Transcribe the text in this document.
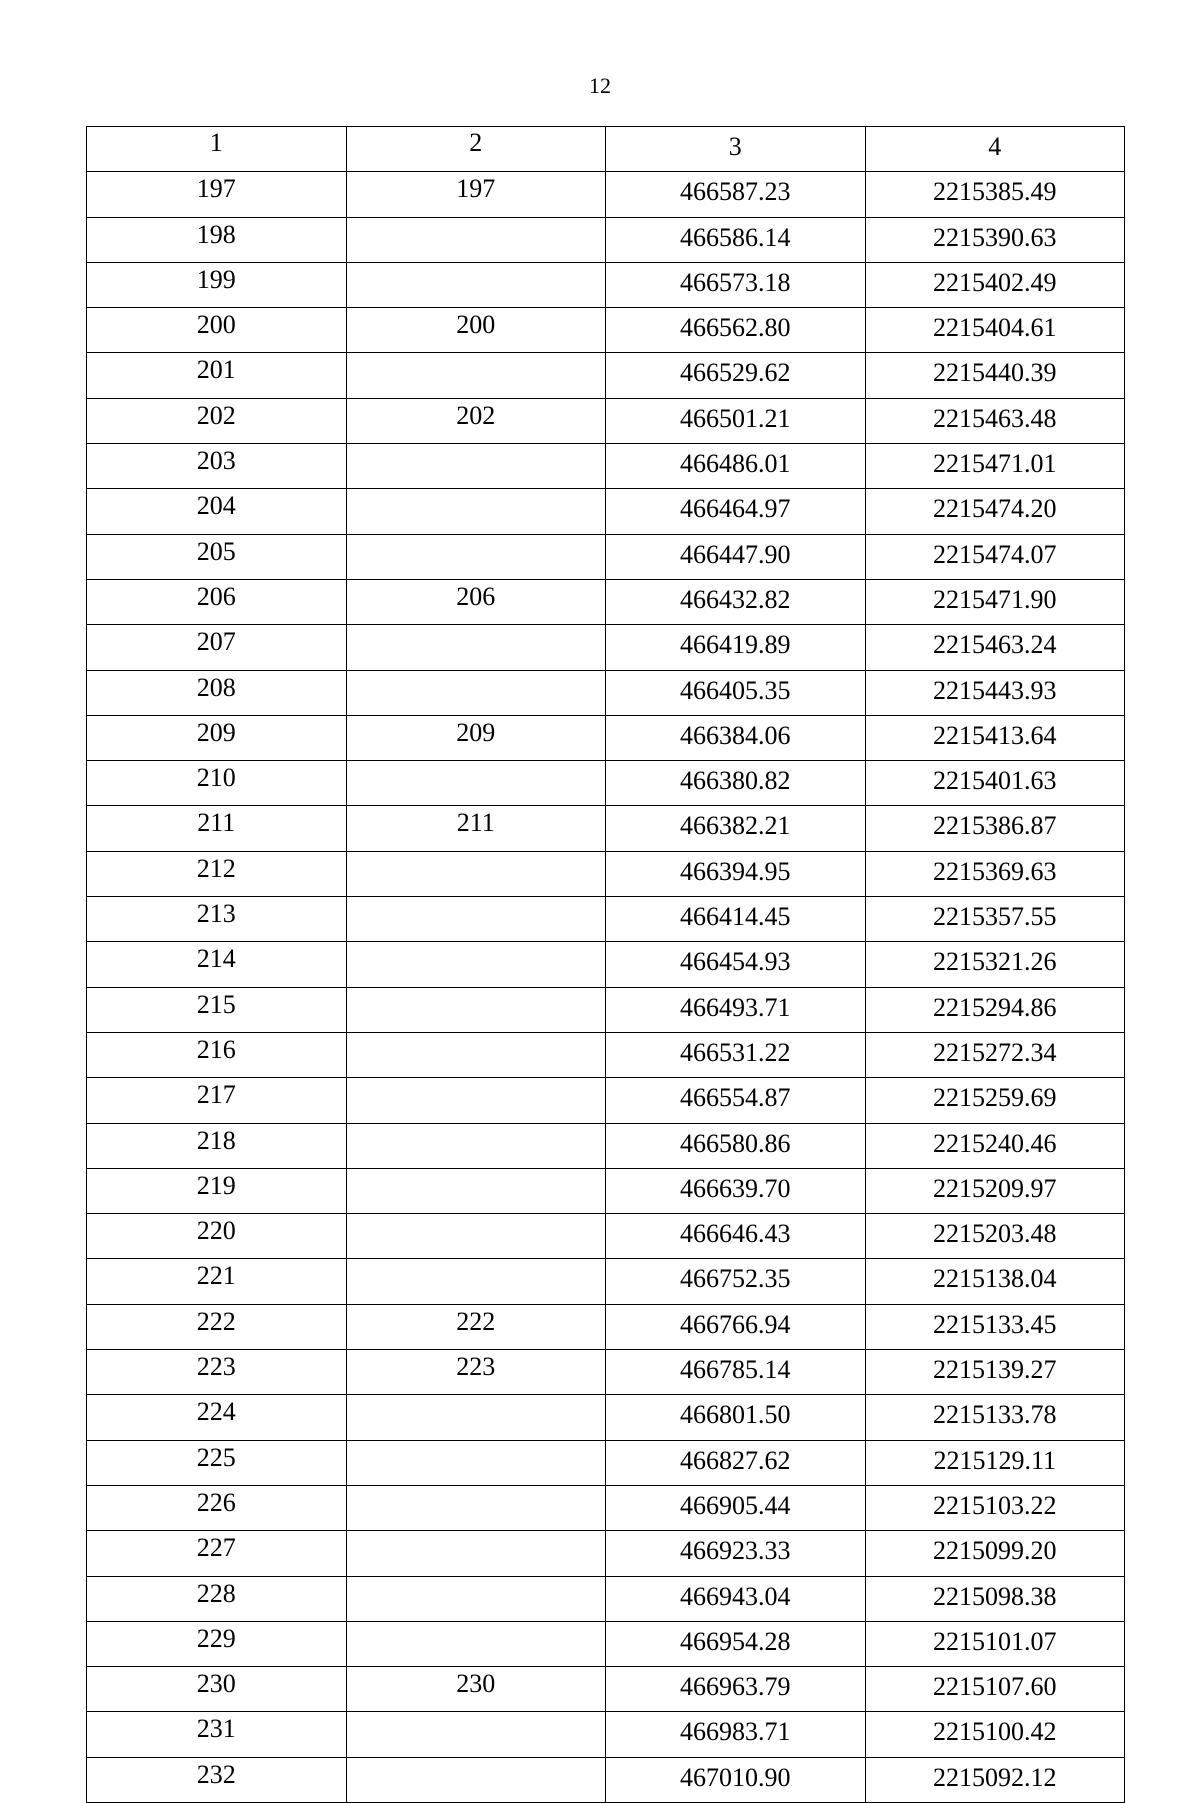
12
1	2	3	4
197	197	466587.23	2215385.49
198		466586.14	2215390.63
199		466573.18	2215402.49
200	200	466562.80	2215404.61
201		466529.62	2215440.39
202	202	466501.21	2215463.48
203		466486.01	2215471.01
204		466464.97	2215474.20
205		466447.90	2215474.07
206	206	466432.82	2215471.90
207		466419.89	2215463.24
208		466405.35	2215443.93
209	209	466384.06	2215413.64
210		466380.82	2215401.63
211	211	466382.21	2215386.87
212		466394.95	2215369.63
213		466414.45	2215357.55
214		466454.93	2215321.26
215		466493.71	2215294.86
216		466531.22	2215272.34
217		466554.87	2215259.69
218		466580.86	2215240.46
219		466639.70	2215209.97
220		466646.43	2215203.48
221		466752.35	2215138.04
222	222	466766.94	2215133.45
223	223	466785.14	2215139.27
224		466801.50	2215133.78
225		466827.62	2215129.11
226		466905.44	2215103.22
227		466923.33	2215099.20
228		466943.04	2215098.38
229		466954.28	2215101.07
230	230	466963.79	2215107.60
231		466983.71	2215100.42
232		467010.90	2215092.12
